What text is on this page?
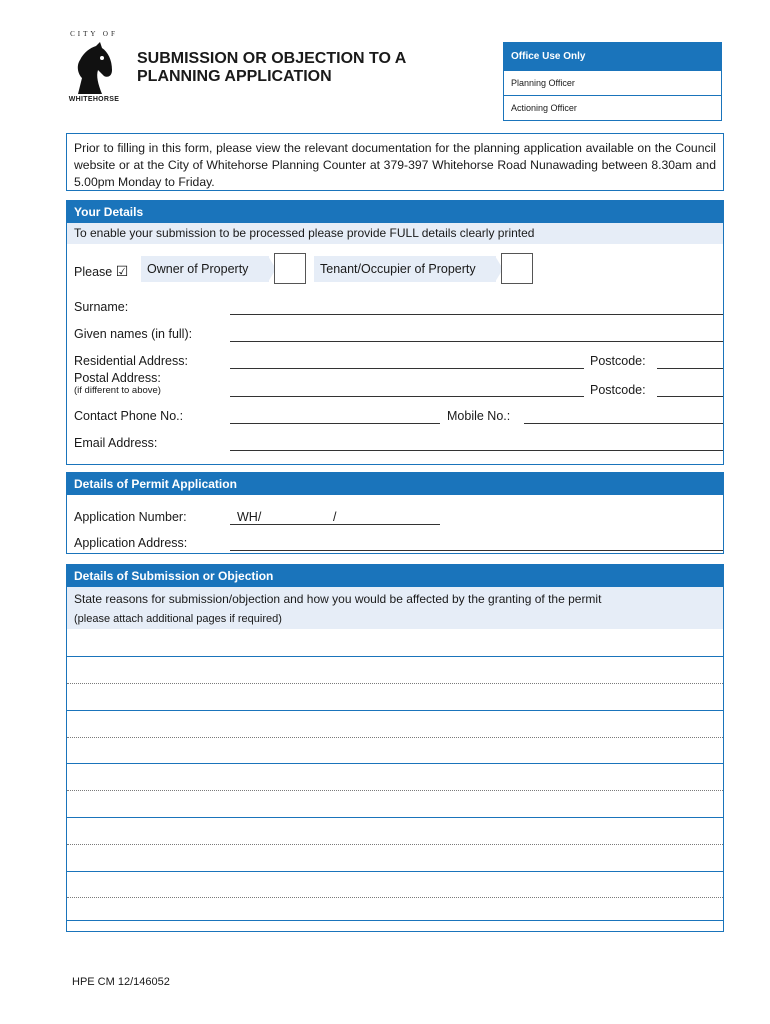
CITY OF
WHITEHORSE
SUBMISSION OR OBJECTION TO A
PLANNING APPLICATION
Office Use Only
Planning Officer
Actioning Officer
Prior to filling in this form, please view the relevant documentation for the planning application available on the Council website or at the City of Whitehorse Planning Counter at 379-397 Whitehorse Road Nunawading between 8.30am and 5.00pm Monday to Friday.
Your Details
To enable your submission to be processed please provide FULL details clearly printed
Please ☑	Owner of Property	Tenant/Occupier of Property
Surname:
Given names (in full):
Residential Address:	Postcode:
Postal Address:
(if different to above)	Postcode:
Contact Phone No.:	Mobile No.:
Email Address:
Details of Permit Application
Application Number:	WH/	/
Application Address:
Details of Submission or Objection
State reasons for submission/objection and how you would be affected by the granting of the permit
(please attach additional pages if required)
HPE CM 12/146052
